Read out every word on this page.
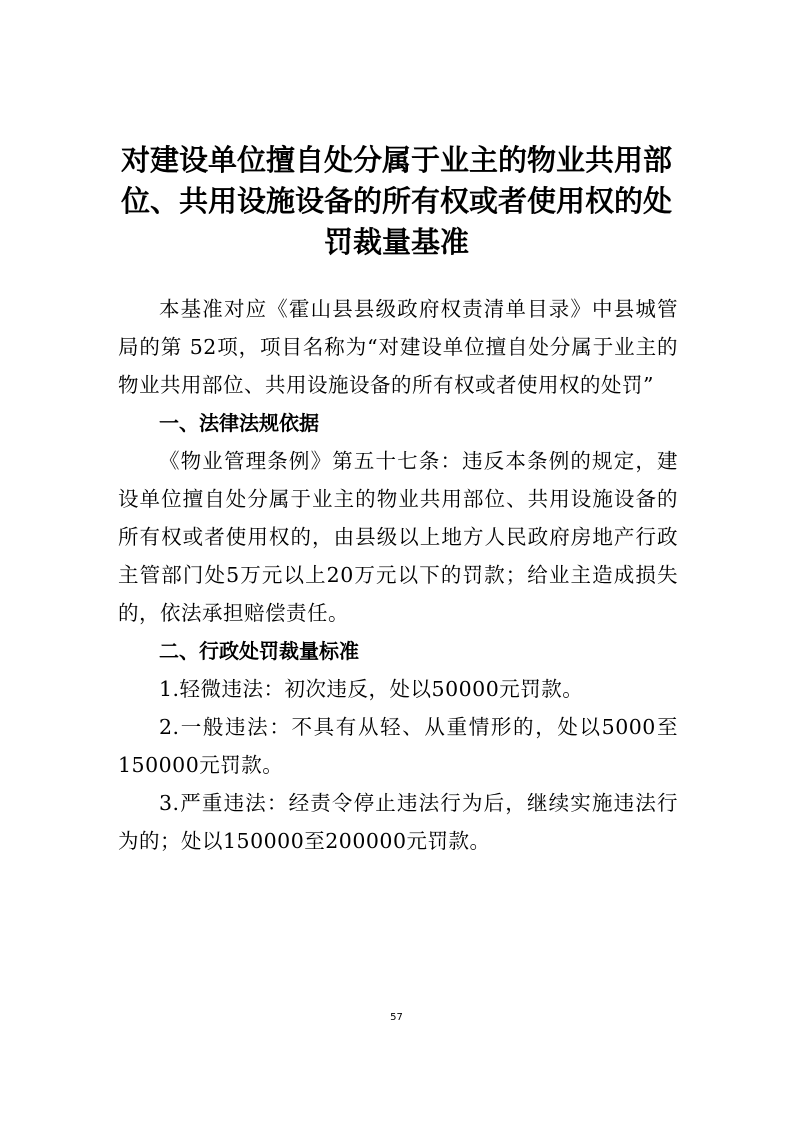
对建设单位擅自处分属于业主的物业共用部
位、共用设施设备的所有权或者使用权的处
罚裁量基准

本基准对应《霍山县县级政府权责清单目录》中县城管局的第 52项，项目名称为“对建设单位擅自处分属于业主的物业共用部位、共用设施设备的所有权或者使用权的处罚”

一、法律法规依据

《物业管理条例》第五十七条：违反本条例的规定，建设单位擅自处分属于业主的物业共用部位、共用设施设备的所有权或者使用权的，由县级以上地方人民政府房地产行政主管部门处5万元以上20万元以下的罚款；给业主造成损失的，依法承担赔偿责任。

二、行政处罚裁量标准

1.轻微违法：初次违反，处以50000元罚款。

2.一般违法：不具有从轻、从重情形的，处以5000至150000元罚款。

3.严重违法：经责令停止违法行为后，继续实施违法行为的；处以150000至200000元罚款。

57
